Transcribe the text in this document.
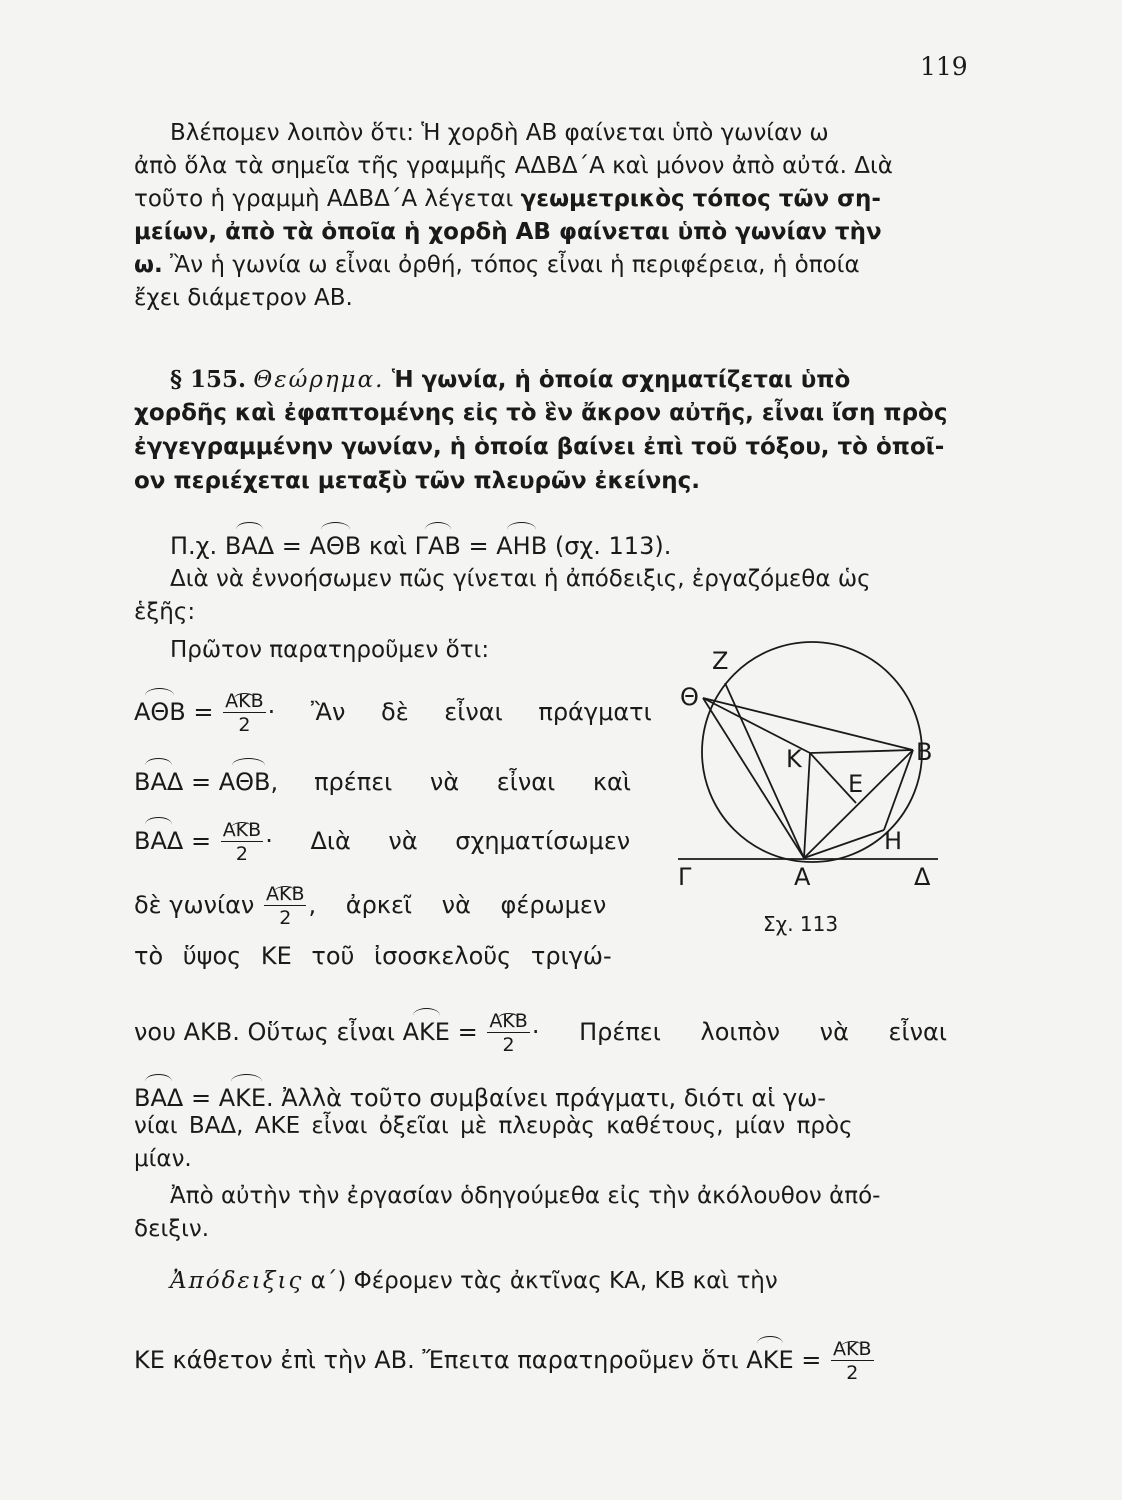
119
Βλέπομεν λοιπὸν ὅτι: Ἡ χορδὴ ΑΒ φαίνεται ὑπὸ γωνίαν ω
ἀπὸ ὅλα τὰ σημεῖα τῆς γραμμῆς ΑΔΒΔ΄Α καὶ μόνον ἀπὸ αὐτά. Διὰ
τοῦτο ἡ γραμμὴ ΑΔΒΔ΄Α λέγεται γεωμετρικὸς τόπος τῶν ση-
μείων, ἀπὸ τὰ ὁποῖα ἡ χορδὴ ΑΒ φαίνεται ὑπὸ γωνίαν τὴν
ω. Ἂν ἡ γωνία ω εἶναι ὀρθή, τόπος εἶναι ἡ περιφέρεια, ἡ ὁποία
ἔχει διάμετρον ΑΒ.
§ 155. Θεώρημα. Ἡ γωνία, ἡ ὁποία σχηματίζεται ὑπὸ
χορδῆς καὶ ἐφαπτομένης εἰς τὸ ἓν ἄκρον αὐτῆς, εἶναι ἴση πρὸς
ἐγγεγραμμένην γωνίαν, ἡ ὁποία βαίνει ἐπὶ τοῦ τόξου, τὸ ὁποῖ-
ον περιέχεται μεταξὺ τῶν πλευρῶν ἐκείνης.
Π.χ. ΒΑΔ = ΑΘΒ καὶ ΓΑΒ = ΑΗΒ (σχ. 113).
Διὰ νὰ ἐννοήσωμεν πῶς γίνεται ἡ ἀπόδειξις, ἐργαζόμεθα ὡς
ἑξῆς:
Πρῶτον παρατηροῦμεν ὅτι:
$A\Theta B = \frac{\text{ΑΚΒ}}{2}$ · Ἂν δὲ εἶναι πράγματι
ΒΑΔ = ΑΘΒ, πρέπει νὰ εἶναι καὶ
$BA\Delta = \frac{\text{ΑΚΒ}}{2}$ · Διὰ νὰ σχηματίσωμεν
δὲ γωνίαν $\frac{\text{ΑΚΒ}}{2}$ , ἀρκεῖ νὰ φέρωμεν
τὸ ὕψος ΚΕ τοῦ ἰσοσκελοῦς τριγώ-
νου ΑΚΒ. Οὕτως εἶναι $AKE = \frac{\text{ΑΚΒ}}{2} \cdot \Pi\rho έ\pi\varepsilon\iota$ λοιπὸν νὰ εἶναι
ΒΑΔ = ΑΚΕ. Ἀλλὰ τοῦτο συμβαίνει πράγματι, διότι αἱ γω-
νίαι ΒΑΔ, ΑΚΕ εἶναι ὀξεῖαι μὲ πλευρὰς καθέτους, μίαν πρὸς
μίαν.
Ἀπὸ αὐτὴν τὴν ἐργασίαν ὁδηγούμεθα εἰς τὴν ἀκόλουθον ἀπό-
δειξιν.
Ἀπόδειξις α΄) Φέρομεν τὰς ἀκτῖνας ΚΑ, ΚΒ καὶ τὴν
ΚΕ κάθετον ἐπὶ τὴν ΑΒ. Ἔπειτα παρατηροῦμεν ὅτι $AKE = \frac{\text{ΑΚΒ}}{2}$
Z
Θ
Β
Κ
Ε
Η
Γ	Α	Δ
Σχ. 113
